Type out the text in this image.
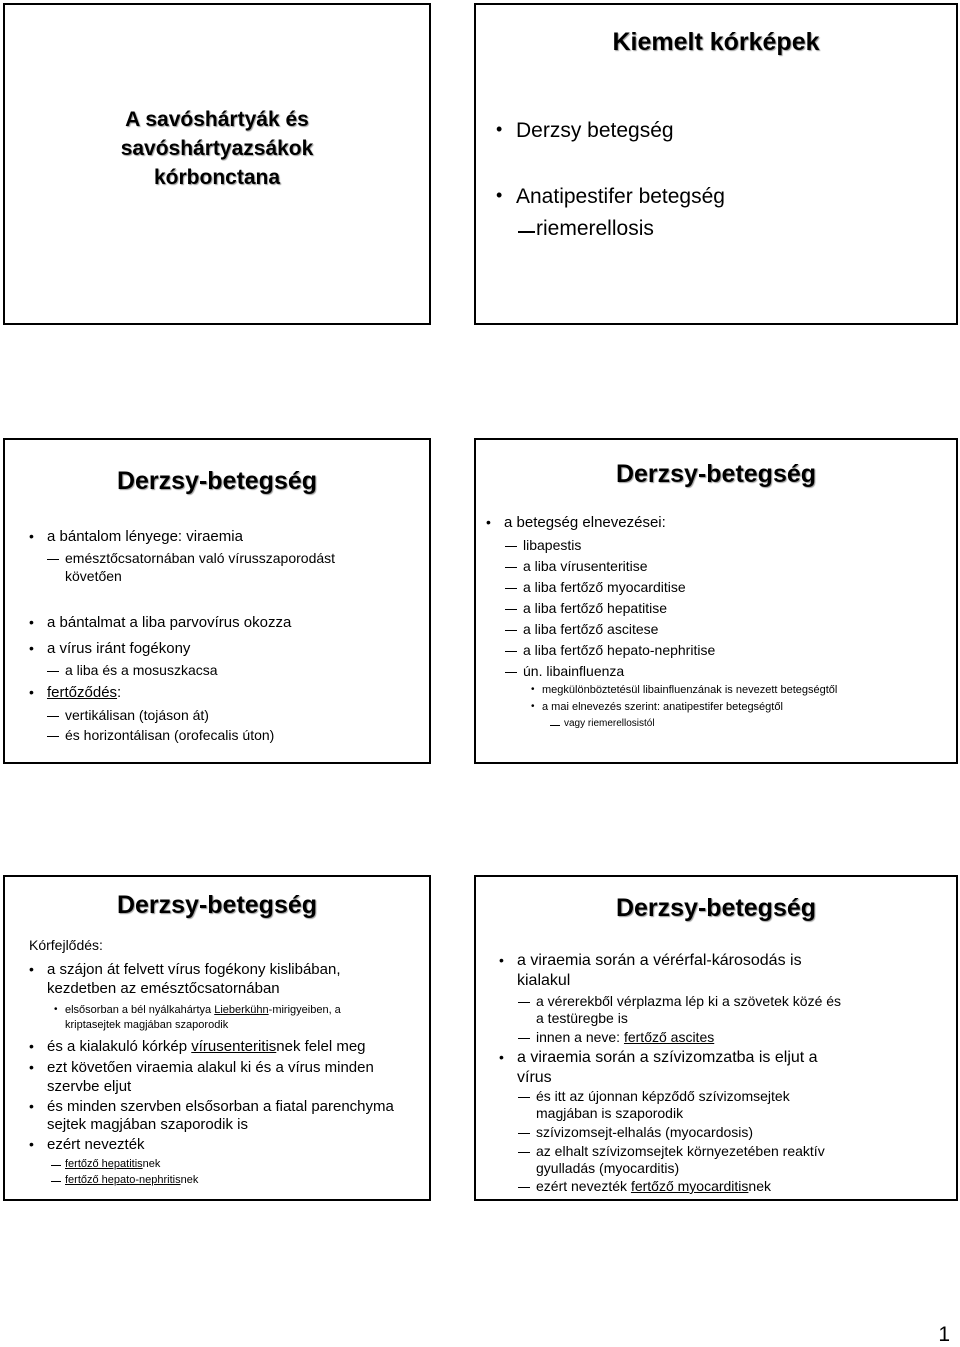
A savóshártyák és
savóshártyazsákok
kórbonctana
Kiemelt kórképek
• Derzsy betegség
• Anatipestifer betegség
riemerellosis
Derzsy-betegség
• a bántalom lényege: viraemia
emésztőcsatornában való vírusszaporodást
követően
• a bántalmat a liba parvovírus okozza
• a vírus iránt fogékony
a liba és a mosuszkacsa
• fertőződés:
vertikálisan (tojáson át)
és horizontálisan (orofecalis úton)
Derzsy-betegség
• a betegség elnevezései:
libapestis
a liba vírusenteritise
a liba fertőző myocarditise
a liba fertőző hepatitise
a liba fertőző ascitese
a liba fertőző hepato-nephritise
ún. libainfluenza
• megkülönböztetésül libainfluenzának is nevezett betegségtől
• a mai elnevezés szerint: anatipestifer betegségtől
vagy riemerellosistól
Derzsy-betegség
Kórfejlődés:
• a szájon át felvett vírus fogékony kislibában,
kezdetben az emésztőcsatornában
• elsősorban a bél nyálkahártya Lieberkühn-mirigyeiben, a
kriptasejtek magjában szaporodik
• és a kialakuló kórkép vírusenteritisnek felel meg
• ezt követően viraemia alakul ki és a vírus minden
szervbe eljut
• és minden szervben elsősorban a fiatal parenchyma
sejtek magjában szaporodik is
• ezért nevezték
fertőző hepatitisnek
fertőző hepato-nephritisnek
Derzsy-betegség
• a viraemia során a vérérfal-károsodás is
kialakul
a vérerekből vérplazma lép ki a szövetek közé és
a testüregbe is
innen a neve: fertőző ascites
• a viraemia során a szívizomzatba is eljut a
vírus
és itt az újonnan képződő szívizomsejtek
magjában is szaporodik
szívizomsejt-elhalás (myocardosis)
az elhalt szívizomsejtek környezetében reaktív
gyulladás (myocarditis)
ezért nevezték fertőző myocarditisnek
1
